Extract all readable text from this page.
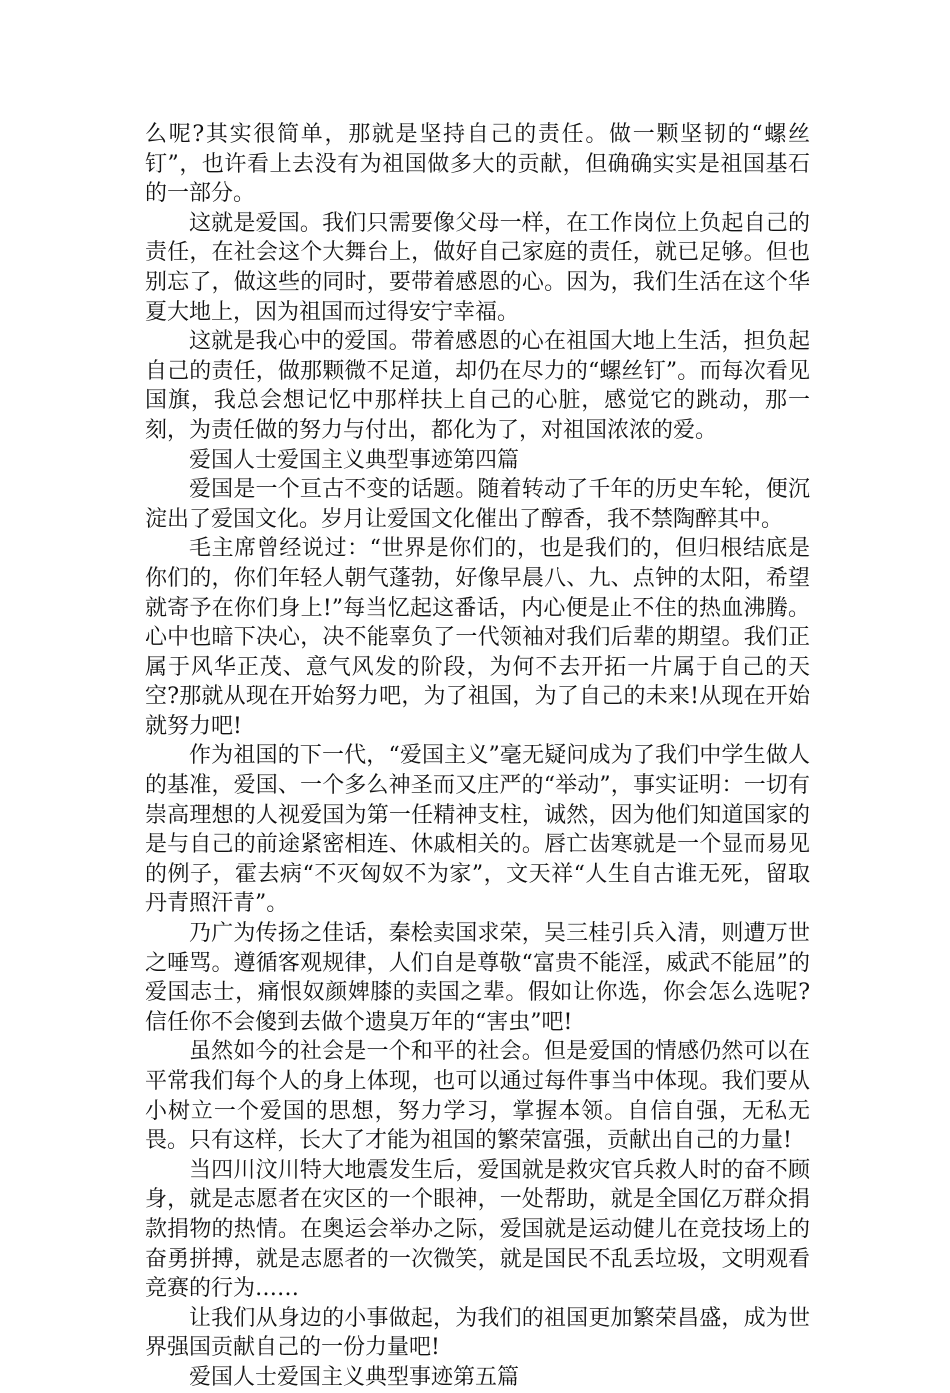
么呢?其实很简单，那就是坚持自己的责任。做一颗坚韧的“螺丝钉”，也许看上去没有为祖国做多大的贡献，但确确实实是祖国基石的一部分。

这就是爱国。我们只需要像父母一样，在工作岗位上负起自己的责任，在社会这个大舞台上，做好自己家庭的责任，就已足够。但也别忘了，做这些的同时，要带着感恩的心。因为，我们生活在这个华夏大地上，因为祖国而过得安宁幸福。

这就是我心中的爱国。带着感恩的心在祖国大地上生活，担负起自己的责任，做那颗微不足道，却仍在尽力的“螺丝钉”。而每次看见国旗，我总会想记忆中那样扶上自己的心脏，感觉它的跳动，那一刻，为责任做的努力与付出，都化为了，对祖国浓浓的爱。

爱国人士爱国主义典型事迹第四篇

爱国是一个亘古不变的话题。随着转动了千年的历史车轮，便沉淀出了爱国文化。岁月让爱国文化催出了醇香，我不禁陶醉其中。

毛主席曾经说过：“世界是你们的，也是我们的，但归根结底是你们的，你们年轻人朝气蓬勃，好像早晨八、九、点钟的太阳，希望就寄予在你们身上!”每当忆起这番话，内心便是止不住的热血沸腾。心中也暗下决心，决不能辜负了一代领袖对我们后辈的期望。我们正属于风华正茂、意气风发的阶段，为何不去开拓一片属于自己的天空?那就从现在开始努力吧，为了祖国，为了自己的未来!从现在开始就努力吧!

作为祖国的下一代，“爱国主义”毫无疑问成为了我们中学生做人的基准，爱国、一个多么神圣而又庄严的“举动”，事实证明：一切有崇高理想的人视爱国为第一任精神支柱，诚然，因为他们知道国家的是与自己的前途紧密相连、休戚相关的。唇亡齿寒就是一个显而易见的例子，霍去病“不灭匈奴不为家”，文天祥“人生自古谁无死，留取丹青照汗青”。

乃广为传扬之佳话，秦桧卖国求荣，吴三桂引兵入清，则遭万世之唾骂。遵循客观规律，人们自是尊敬“富贵不能淫，威武不能屈”的爱国志士，痛恨奴颜婢膝的卖国之辈。假如让你选，你会怎么选呢?信任你不会傻到去做个遗臭万年的“害虫”吧!

虽然如今的社会是一个和平的社会。但是爱国的情感仍然可以在平常我们每个人的身上体现，也可以通过每件事当中体现。我们要从小树立一个爱国的思想，努力学习，掌握本领。自信自强，无私无畏。只有这样，长大了才能为祖国的繁荣富强，贡献出自己的力量!

当四川汶川特大地震发生后，爱国就是救灾官兵救人时的奋不顾身，就是志愿者在灾区的一个眼神，一处帮助，就是全国亿万群众捐款捐物的热情。在奥运会举办之际，爱国就是运动健儿在竞技场上的奋勇拼搏，就是志愿者的一次微笑，就是国民不乱丢垃圾，文明观看竞赛的行为……

让我们从身边的小事做起，为我们的祖国更加繁荣昌盛，成为世界强国贡献自己的一份力量吧!

爱国人士爱国主义典型事迹第五篇
